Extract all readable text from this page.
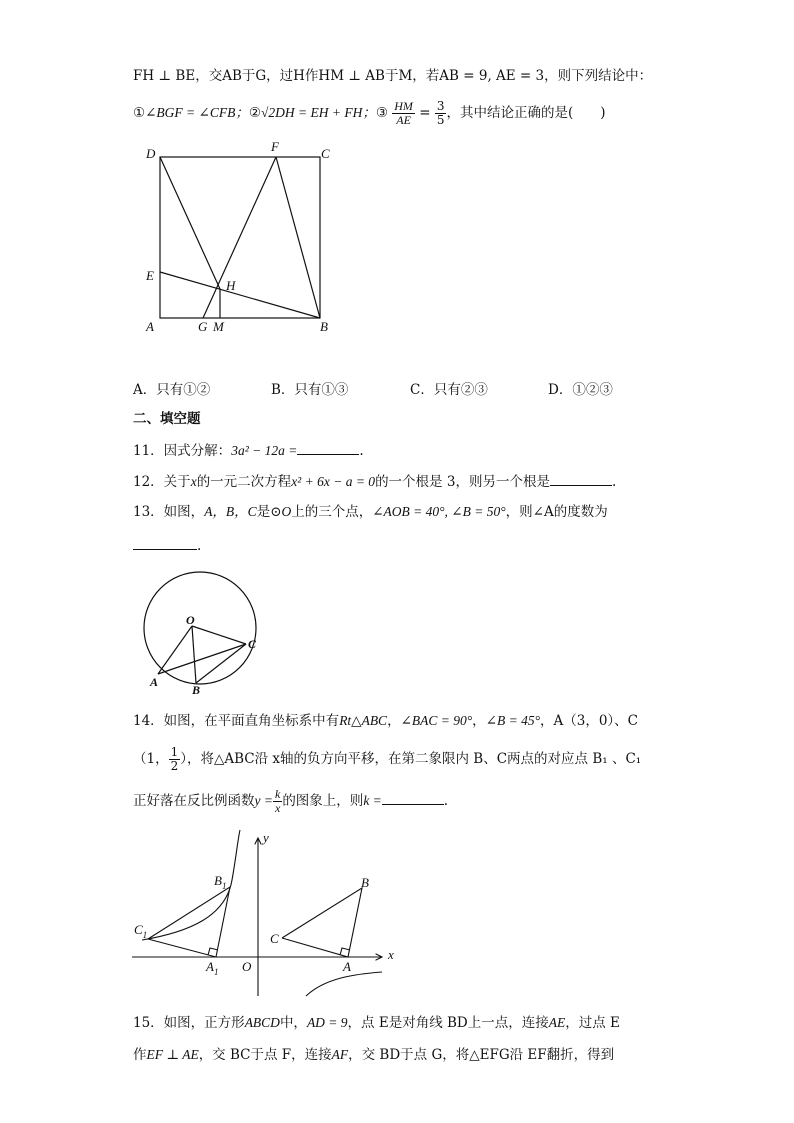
FH ⊥ BE，交AB于G，过H作HM ⊥ AB于M，若AB = 9, AE = 3，则下列结论中：
①∠BGF = ∠CFB；②√2DH = EH + FH；③ $\frac{HM}{AE} = \frac{3}{5}$ ，其中结论正确的是(　　)
D	F	C
E
H
A	G M	B
A．只有①②	B．只有①③	C．只有②③	D．①②③
二、填空题
11．因式分解：3a² − 12a =	.
12．关于x的一元二次方程x² + 6x − a = 0的一个根是 3，则另一个根是	.
13．如图，A，B，C是⊙O上的三个点，∠AOB = 40°, ∠B = 50°，则∠A的度数为
.
O
C
A
B
14．如图，在平面直角坐标系中有Rt△ABC，∠BAC = 90°，∠B = 45°，A（3，0）、C
（1， $\frac{1}{2}$ ），将△ABC沿 x轴的负方向平移，在第二象限内 B、C两点的对应点 B₁ 、C₁
正好落在反比例函数$y = \frac{k}{x}$ 的图象上，则k =	.
y
x
O
$B_1$
$C_1$
$A_1$
C
B
A
15．如图，正方形ABCD中，AD = 9，点 E是对角线 BD上一点，连接AE，过点 E
作EF ⊥ AE，交 BC于点 F，连接AF，交 BD于点 G，将△EFG沿 EF翻折，得到
